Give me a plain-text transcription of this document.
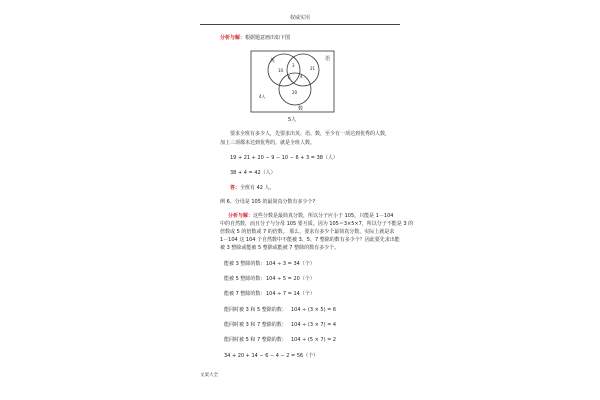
权威实用
分析与解：根据题意画出如下图
英	语
数
10	21
3
6 4
20
4人
5人
要求全班有多少人，先要求出英、语、数，至少有一项达到优秀的人数，
加上三项都未达到优秀的，就是全班人数。
19 + 21 + 20 − 9 − 10 − 6 + 3 = 38（人）
38 + 4 = 42（人）
答：全班有 42 人。
例 6、分母是 105 的最简真分数有多少个?
分析与解：这些分数是最简真分数，所以分子应小于 105，只能是 1－104
中的自然数，而且分子与分母 105 要互质。因为 105＝3×5×7，所以分子不能是 3 的
倍数或 5 的倍数或 7 的倍数。 那么，要求有多少个最简真分数，实际上就是求
1－104 这 104 个自然数中不能被 3、5、7 整除的数有多少个？因此要先求出能
被 3 整除或能被 5 整除或能被 7 整除的数有多少个。
能被 3 整除的数： 104 ÷ 3 = 34（个）
能被 5 整除的数： 104 ÷ 5 = 20（个）
能被 7 整除的数： 104 ÷ 7 = 14（个）
能同时被 3 和 5 整除的数： 104 ÷ (3 × 5) = 6
能同时被 3 和 7 整除的数： 104 ÷ (3 × 7) = 4
能同时被 5 和 7 整除的数： 104 ÷ (5 × 7) = 2
34 + 20 + 14 − 6 − 4 − 2 = 56（个）
文案大全
